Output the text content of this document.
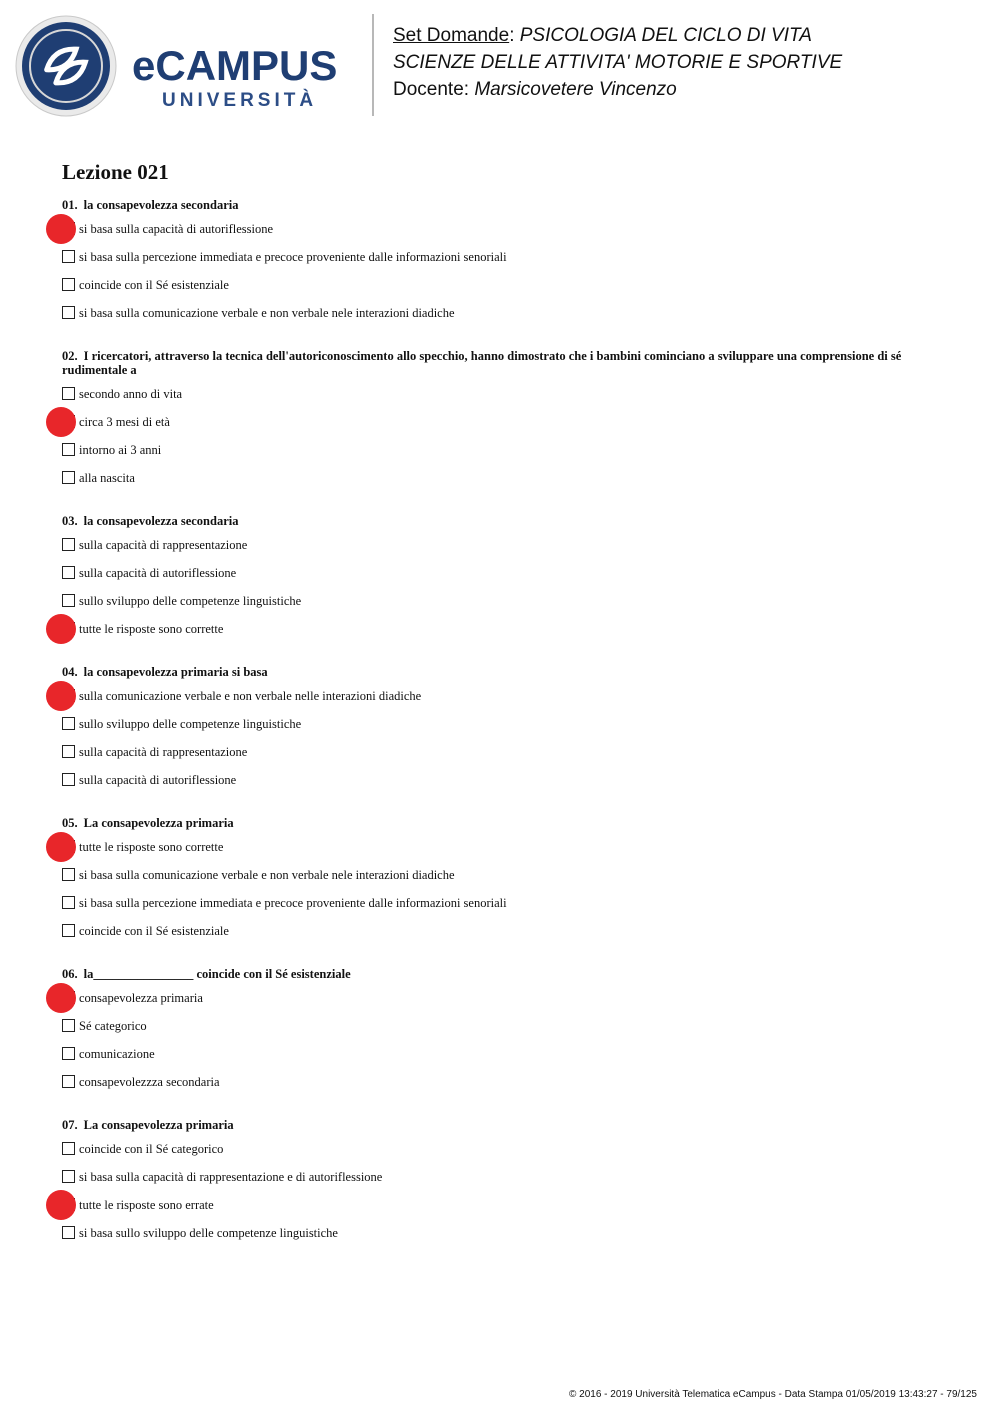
eCAMPUS
UNIVERSITÀ
Set Domande: PSICOLOGIA DEL CICLO DI VITA
SCIENZE DELLE ATTIVITA' MOTORIE E SPORTIVE
Docente: Marsicovetere Vincenzo
Lezione 021
01. la consapevolezza secondaria
si basa sulla capacità di autoriflessione
si basa sulla percezione immediata e precoce proveniente dalle informazioni senoriali
coincide con il Sé esistenziale
si basa sulla comunicazione verbale e non verbale nele interazioni diadiche
02. I ricercatori, attraverso la tecnica dell'autoriconoscimento allo specchio, hanno dimostrato che i bambini cominciano a sviluppare una comprensione di sé rudimentale a
secondo anno di vita
circa 3 mesi di età
intorno ai 3 anni
alla nascita
03. la consapevolezza secondaria
sulla capacità di rappresentazione
sulla capacità di autoriflessione
sullo sviluppo delle competenze linguistiche
tutte le risposte sono corrette
04. la consapevolezza primaria si basa
sulla comunicazione verbale e non verbale nelle interazioni diadiche
sullo sviluppo delle competenze linguistiche
sulla capacità di rappresentazione
sulla capacità di autoriflessione
05. La consapevolezza primaria
tutte le risposte sono corrette
si basa sulla comunicazione verbale e non verbale nele interazioni diadiche
si basa sulla percezione immediata e precoce proveniente dalle informazioni senoriali
coincide con il Sé esistenziale
06. la________________ coincide con il Sé esistenziale
consapevolezza primaria
Sé categorico
comunicazione
consapevolezzza secondaria
07. La consapevolezza primaria
coincide con il Sé categorico
si basa sulla capacità di rappresentazione e di autoriflessione
tutte le risposte sono errate
si basa sullo sviluppo delle competenze linguistiche
© 2016 - 2019 Università Telematica eCampus - Data Stampa 01/05/2019 13:43:27 - 79/125
